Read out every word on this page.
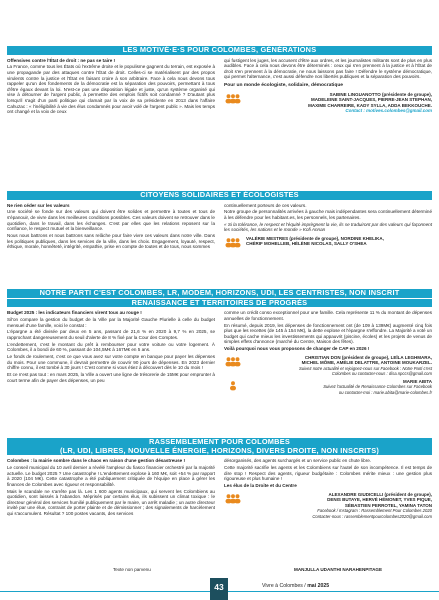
LES MOTIVÉ·E·S POUR COLOMBES, GÉNÉRATIONS

Offensives contre l'État de droit : ne pas se taire !

La France, comme tous les États où l'extrême droite et le populisme gagnent du terrain, est exposée à une propagande par des attaques contre l'État de droit. Celles-ci se matérialisent par des propos virulents contre la justice et l'État en faisant croire à son arbitraire. Face à cela nous devons tous rappeler qu'un des fondements de la démocratie est la séparation des pouvoirs, permettant à tous d'être égaux devant la loi. N'est-ce pas une disposition légale et juste, qu'un système organisé qui vise à détourner de l'argent public, à permettre des emplois fictifs soit condamné ? D'autant plus lorsqu'il s'agit d'un parti politique qui clamait par la voix de sa présidente en 2013 dans l'affaire Cahuzac : « l'inéligibilité à vie des élus condamnés pour avoir volé de l'argent public ». Mais les temps ont changé et la voix de ceux

qui fustigent les juges, les accusent d'être aux ordres, et les journalistes militants sont de plus en plus audibles. Face à cela nous devons être déterminés : ceux qui s'en prennent à la justice et à l'État de droit s'en prennent à la démocratie, ne nous laissons pas faire ! Défendre le système démocratique, qui permet l'alternance, c'est aussi défendre nos libertés publiques et la séparation des pouvoirs.

Pour un monde écologiste, solidaire, démocratique

SABINE LINGUANOTTO (présidente de groupe),
MADELEINE SAINT-JACQUES, PIERRE-JEAN STEPHAN,
MAXIME CHARREIRE, KADY SYLLA, ADDA BEKKOUCHE.
Contact : motives.colombes@gmail.com
CITOYENS SOLIDAIRES ET ÉCOLOGISTES

Ne rien céder sur les valeurs

Une société se fonde sur des valeurs qui doivent être solides et permettre à toutes et tous de s'épanouir, de vivre dans les meilleures conditions possibles. Ces valeurs doivent se retrouver dans le quotidien, dans le travail, dans les échanges. C'est par elles que les relations reposent sur la confiance, le respect mutuel et la bienveillance.

Nous nous battrons et nous battrons sans relâche pour faire vivre ces valeurs dans notre ville. Dans les politiques publiques, dans les services de la ville, dans les choix. Engagement, loyauté, respect, éthique, morale, honnêteté, intégrité, empathie, prise en compte de toutes et de tous, nous sommes

continuellement porteurs de ces valeurs.

Notre groupe de personnalités arrivées à gauche mais indépendantes sera continuellement déterminé à les défendre pour les habitant.es, les personnels, les partenaires.

« Si la tolérance, le respect et l'équité imprègnent la vie, ils se traduiront par des valeurs qui façonnent les sociétés, les nations et le monde » Kofi Annan

VALÉRIE MESTRES (présidente de groupe), NORDINE KHELIKA,
CHÉRIF MOHELLEB, HÉLÈNE NICOLAS, SALLY O'SHEA
NOTRE PARTI C'EST COLOMBES, LR, MODEM, HORIZONS, UDI, LES CENTRISTES, NON INSCRIT
RENAISSANCE ET TERRITOIRES DE PROGRÈS

Budget 2025 : les indicateurs financiers virent tous au rouge !

Sil'on compare la gestion du budget de la Ville par la Majorité Gauche Plurielle à celle du budget mensuel d'une famille, voici le constat :

L'épargne a été divisée par deux en 5 ans, passant de 21,6 % en 2020 à 9,7 % en 2025, se rapprochant dangereusement du seuil d'alerte de 8 % fixé par la Cour des Comptes.

L'endettement, c'est le montant du prêt à rembourser pour votre voiture ou votre logement. À Colombes, il a bondi de 60 %, passant de 104,5M€ à 167M€ en 5 ans.

Le fonds de roulement, c'est ce que vous avez sur votre compte en banque pour payer les dépenses du mois. Pour une commune, il devrait permettre de couvrir 90 jours de dépenses. En 2023 dernier chiffre connu, il est tombé à 30 jours ! C'est comme si vous étiez à découvert dès le 10 du mois !

Et ce n'est pas tout : en mars 2025, la Ville a ouvert une ligne de trésorerie de 15M€ pour emprunter à court terme afin de payer des dépenses, un peu

comme un crédit conso exceptionnel pour une famille. Cela représente 11 % du montant de dépenses annuelles de fonctionnement.

En résumé, depuis 2019, les dépenses de fonctionnement ont (de 109 à 139M€) augmenté cinq fois plus que les recettes (de 145 à 154 M€), la dette explose et l'épargne s'effondre. La Majorité a voté un budget qui cache mieux les investissements qui appauvrit (piscine, écoles) et les projets de venus de simples effets d'annonce (marché du Centre, Maison des fêtes).

Voilà pourquoi nous vous proposons de changer de CAP en 2026 !

CHRISTIAN DON (président de groupe), LEÏLA LEGHMARA,
MICHEL MÔME, AMÉLIE DELATTRE, ANTOINE MOUKARZEL.
Suivez notre actualité et rejoignez-nous sur Facebook : Notre Parti c'est
Colombes ou contacter-nous : disa.npccs@gmail.com
MARIE ABITA
Suivez l'actualité de Renaissance Colombes sur Facebook
ou contacter-moi : marie.abita@marie-colombes.fr
RASSEMBLEMENT POUR COLOMBES
(LR, UDI, LIBRES, NOUVELLE ÉNERGIE, HORIZONS, DIVERS DROITE, NON INSCRITS)

Colombes : la mairie sombre dans le chaos en raison d'une gestion désastreuse !

Le conseil municipal du 10 avril dernier a révélé l'ampleur du fiasco financier orchestré par la majorité actuelle. Le budget 2025 ? Une catastrophe ! L'endettement explose à 160 M€, soit +54 % par rapport à 2020 (104 M€). Cette catastrophe a été publiquement critiquée de l'équipe en place à gérer les finances de Colombes avec rigueur et responsabilité.

Mais le scandale ne s'arrête pas là. Les 1 600 agents municipaux, qui servent les Colombiens au quotidien, sont laissés à l'abandon. Méprisés par certains élus, ils subissent un climat toxique : le directeur général des services humilié publiquement par le maire, un arrêt maladie ; un autre directeur invité par une élue, contraint de porter plainte et de démissionner ; des signalements de harcèlement qui s'accumulent. Résultat ? 100 postes vacants, des services

désorganisés, des agents surchargés et un service public en chute libre.

Cette majorité sacrifie les agents et les Colombiens sur l'autel de son incompétence. Il est temps de dire stop ! Respect des agents, rigueur budgétaire : Colombes mérite mieux : une gestion plus rigoureuse et plus humaine !

Les élus de la Droite et du Centre

ALEXANDRE GIUDICELLI (président de groupe),
DENIS BUTAYE, HERVÉ HÉMONET, YVES PIQUE,
SÉBASTIEN PERROTEL, YAMINA TATON
Facebook / Instagram : Rassemblement Pour Colombes 2020
Contacter-nous : rassemblementpourcolombes2020@gmail.com
Texte non parvenu	MANJULLA UDANTHI NARAHENPITAGE
43	Vivre à Colombes / mai 2025
